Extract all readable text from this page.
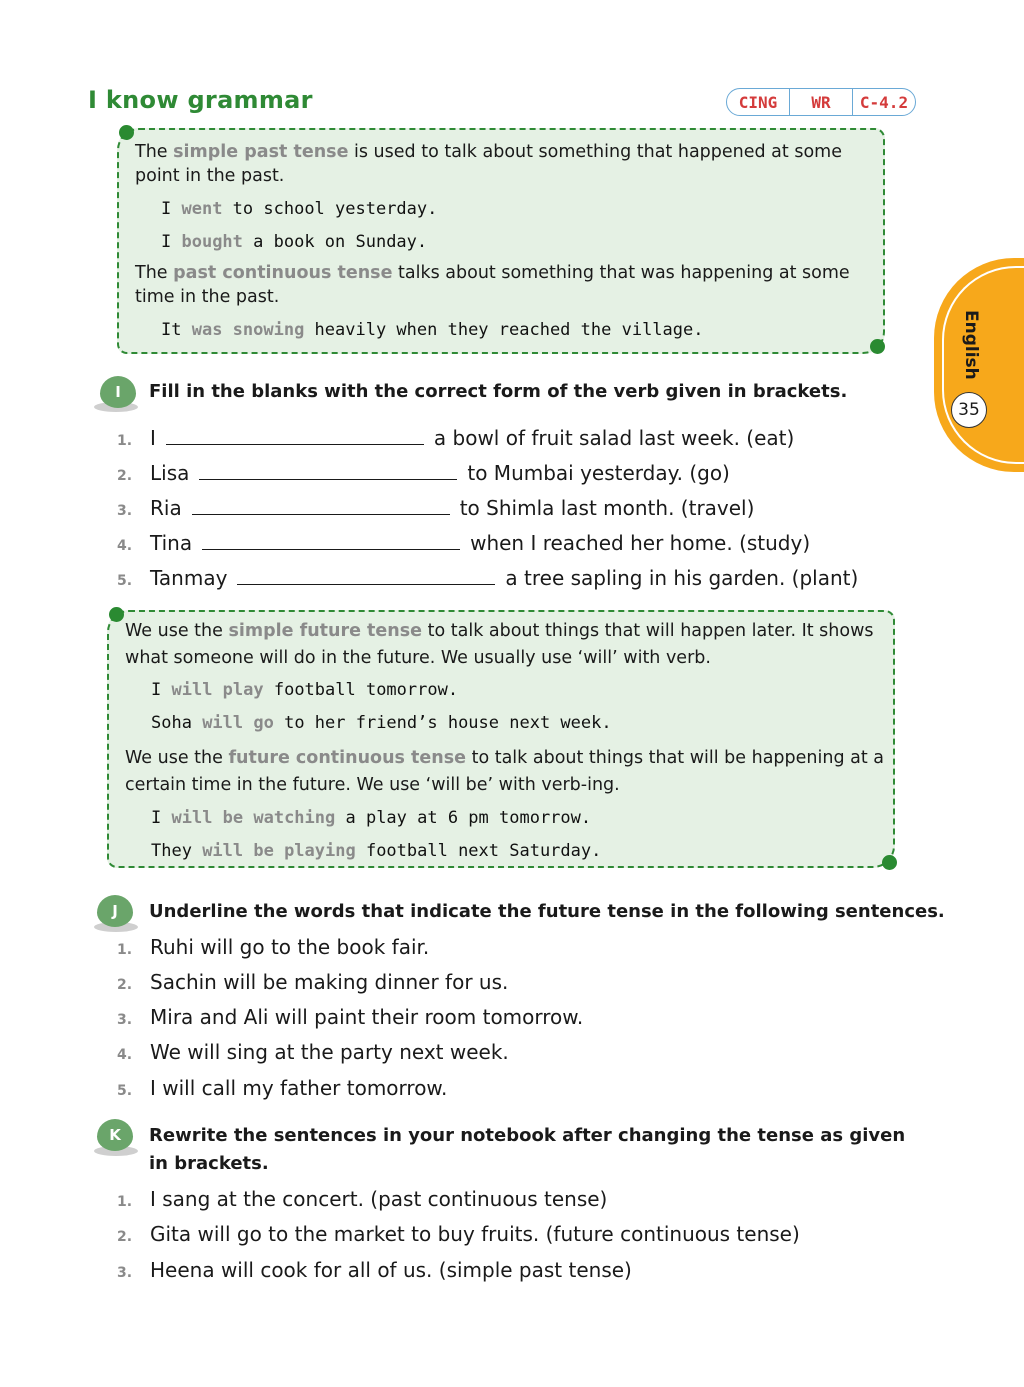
I know grammar	CING	WR	C-4.2
English
35

The simple past tense is used to talk about something that happened at some point in the past.

I went to school yesterday.

I bought a book on Sunday.

The past continuous tense talks about something that was happening at some time in the past.

It was snowing heavily when they reached the village.

I	Fill in the blanks with the correct form of the verb given in brackets.
1. I	a bowl of fruit salad last week. (eat)
2. Lisa	to Mumbai yesterday. (go)
3. Ria	to Shimla last month. (travel)
4. Tina	when I reached her home. (study)
5. Tanmay	a tree sapling in his garden. (plant)

We use the simple future tense to talk about things that will happen later. It shows what someone will do in the future. We usually use ‘will’ with verb.

I will play football tomorrow.

Soha will go to her friend’s house next week.

We use the future continuous tense to talk about things that will be happening at a certain time in the future. We use ‘will be’ with verb-ing.

I will be watching a play at 6 pm tomorrow.

They will be playing football next Saturday.

J	Underline the words that indicate the future tense in the following sentences.
1. Ruhi will go to the book fair.
2. Sachin will be making dinner for us.
3. Mira and Ali will paint their room tomorrow.
4. We will sing at the party next week.
5. I will call my father tomorrow.
K	Rewrite the sentences in your notebook after changing the tense as given
in brackets.
1. I sang at the concert. (past continuous tense)
2. Gita will go to the market to buy fruits. (future continuous tense)
3. Heena will cook for all of us. (simple past tense)
